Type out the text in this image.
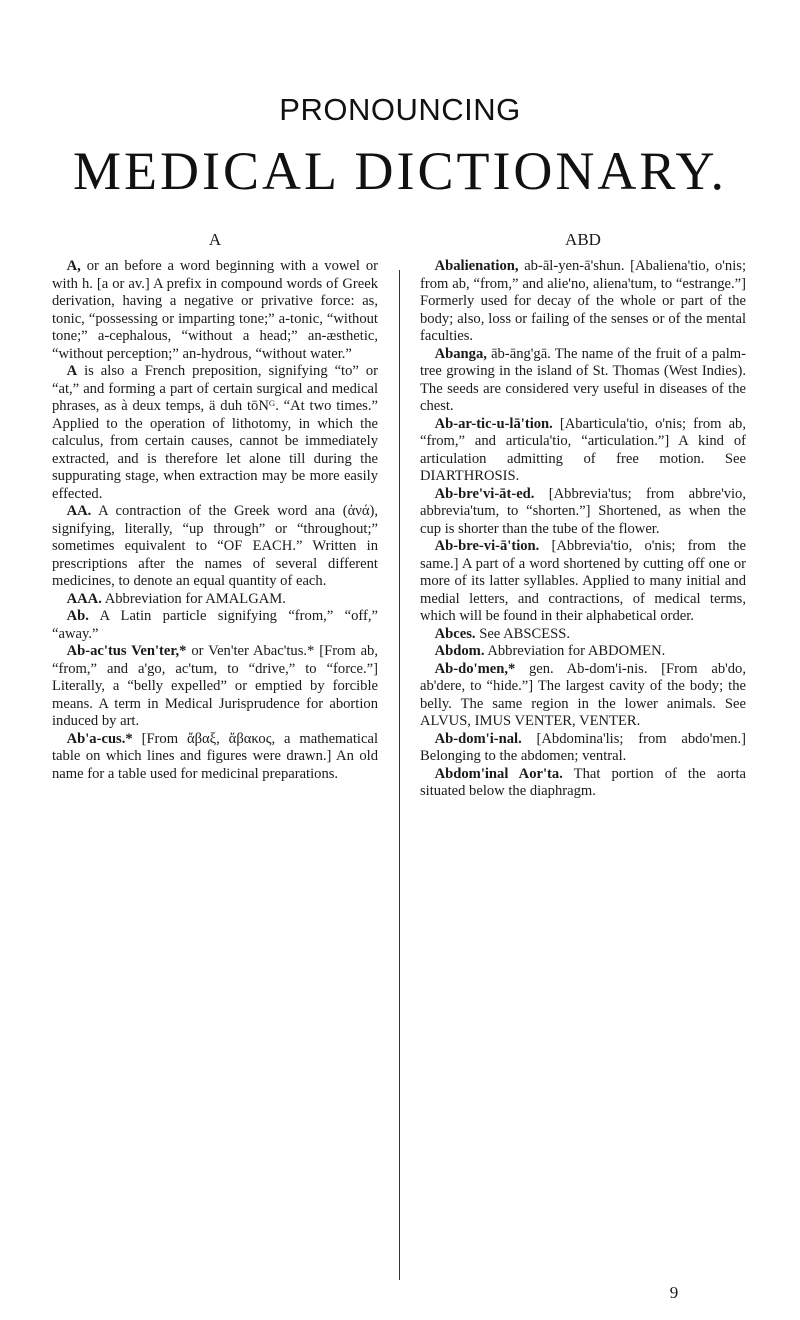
PRONOUNCING
MEDICAL DICTIONARY.
A

A, or an before a word beginning with a vowel or with h. [a or av.] A prefix in compound words of Greek derivation, having a negative or privative force: as, tonic, “possessing or imparting tone;” a-tonic, “without tone;” a-cephalous, “without a head;” an-æsthetic, “without perception;” an-hydrous, “without water.”

A is also a French preposition, signifying “to” or “at,” and forming a part of certain surgical and medical phrases, as à deux temps, ä duh tōNᴳ. “At two times.” Applied to the operation of lithotomy, in which the calculus, from certain causes, cannot be immediately extracted, and is therefore let alone till during the suppurating stage, when extraction may be more easily effected.

AA. A contraction of the Greek word ana (ἀνά), signifying, literally, “up through” or “throughout;” sometimes equivalent to “OF EACH.” Written in prescriptions after the names of several different medicines, to denote an equal quantity of each.

AAA. Abbreviation for AMALGAM.

Ab. A Latin particle signifying “from,” “off,” “away.”

Ab-ac'tus Ven'ter,* or Ven'ter Abac'tus.* [From ab, “from,” and a'go, ac'tum, to “drive,” to “force.”] Literally, a “belly expelled” or emptied by forcible means. A term in Medical Jurisprudence for abortion induced by art.

Ab'a-cus.* [From ἄβαξ, ἄβακος, a mathematical table on which lines and figures were drawn.] An old name for a table used for medicinal preparations.

ABD

Abalienation, ab-āl-yen-ā'shun. [Abaliena'tio, o'nis; from ab, “from,” and alie'no, aliena'tum, to “estrange.”] Formerly used for decay of the whole or part of the body; also, loss or failing of the senses or of the mental faculties.

Abanga, āb-āng'gā. The name of the fruit of a palm-tree growing in the island of St. Thomas (West Indies). The seeds are considered very useful in diseases of the chest.

Ab-ar-tic-u-lā'tion. [Abarticula'tio, o'nis; from ab, “from,” and articula'tio, “articulation.”] A kind of articulation admitting of free motion. See DIARTHROSIS.

Ab-bre'vi-āt-ed. [Abbrevia'tus; from abbre'vio, abbrevia'tum, to “shorten.”] Shortened, as when the cup is shorter than the tube of the flower.

Ab-bre-vi-ā'tion. [Abbrevia'tio, o'nis; from the same.] A part of a word shortened by cutting off one or more of its latter syllables. Applied to many initial and medial letters, and contractions, of medical terms, which will be found in their alphabetical order.

Abces. See ABSCESS.

Abdom. Abbreviation for ABDOMEN.

Ab-do'men,* gen. Ab-dom'i-nis. [From ab'do, ab'dere, to “hide.”] The largest cavity of the body; the belly. The same region in the lower animals. See ALVUS, IMUS VENTER, VENTER.

Ab-dom'i-nal. [Abdomina'lis; from abdo'men.] Belonging to the abdomen; ventral.

Abdom'inal Aor'ta. That portion of the aorta situated below the diaphragm.

9
